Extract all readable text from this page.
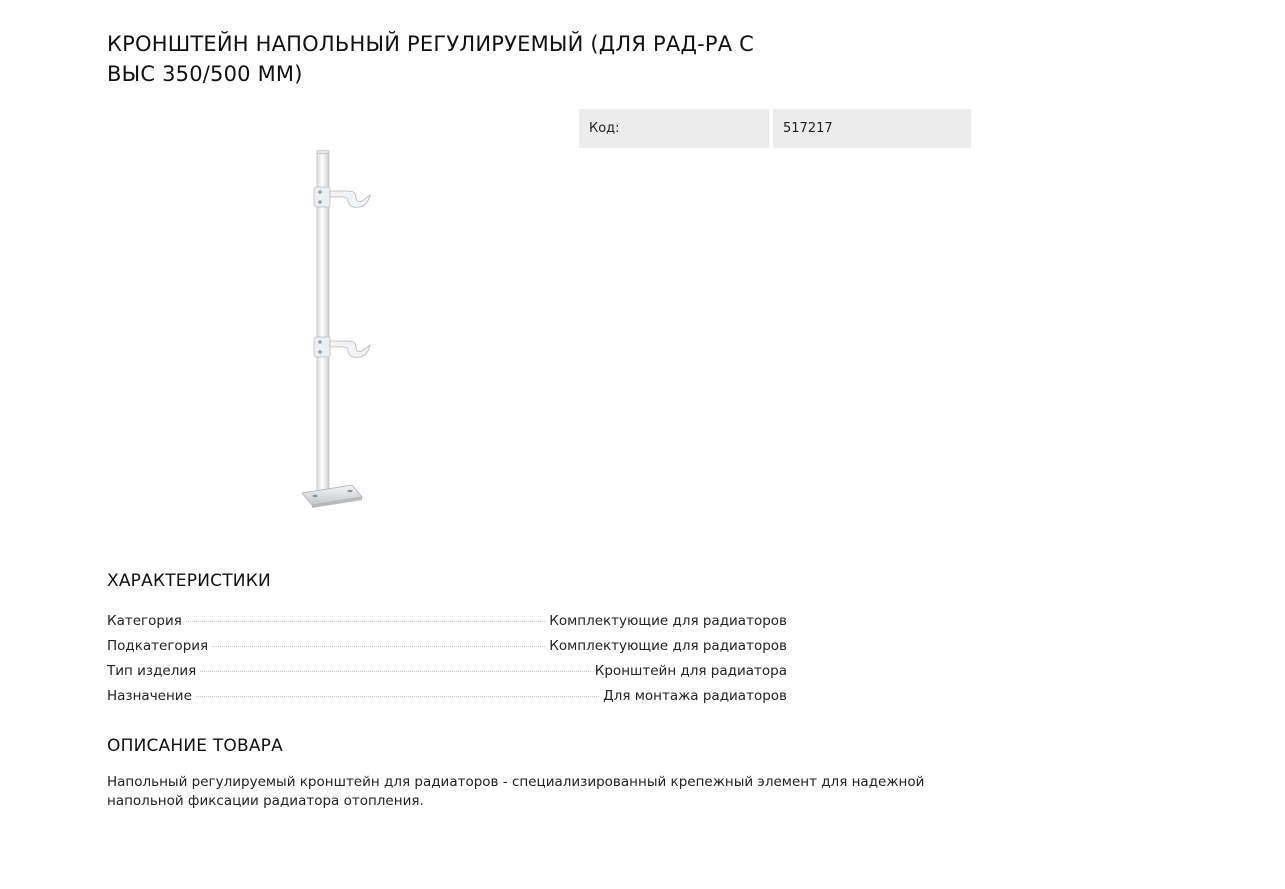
КРОНШТЕЙН НАПОЛЬНЫЙ РЕГУЛИРУЕМЫЙ (ДЛЯ РАД-РА С ВЫС 350/500 ММ)
Код:	517217
ХАРАКТЕРИСТИКИ
Категория	Комплектующие для радиаторов
Подкатегория	Комплектующие для радиаторов
Тип изделия	Кронштейн для радиатора
Назначение	Для монтажа радиаторов
ОПИСАНИЕ ТОВАРА

Напольный регулируемый кронштейн для радиаторов - специализированный крепежный элемент для надежной напольной фиксации радиатора отопления.
